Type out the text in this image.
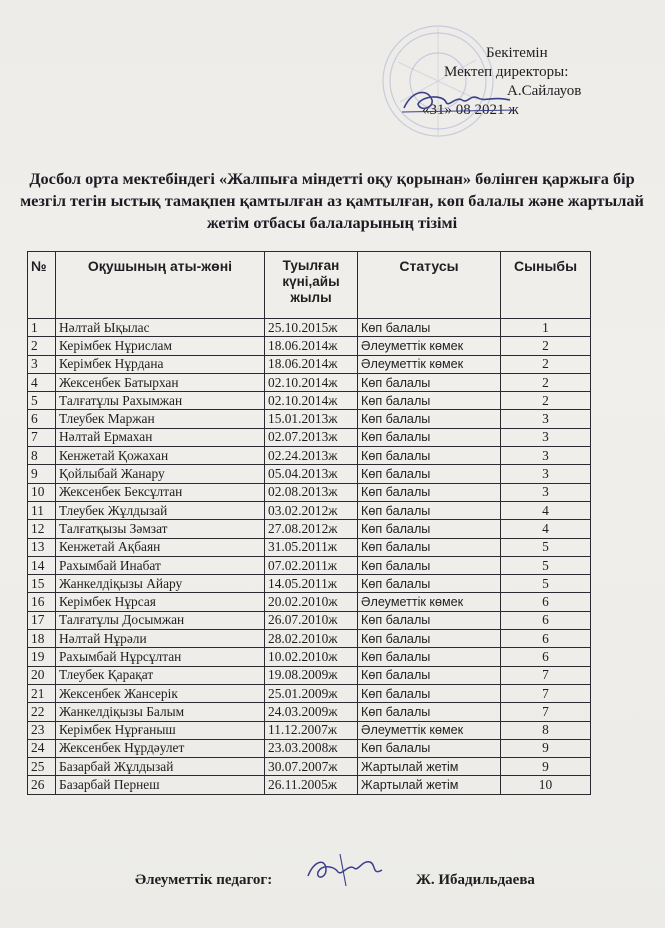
Бекітемін
Мектеп директоры:
А.Сайлауов
«31» 08 2021 ж
Досбол орта мектебіндегі «Жалпыға міндетті оқу қорынан» бөлінген қаржыға бір мезгіл тегін ыстық тамақпен қамтылған аз қамтылған, көп балалы және жартылай жетім отбасы балаларының тізімі
№	Оқушының аты-жөні	Туылған күні,айы жылы	Статусы	Сыныбы
1	Нәлтай Ықылас	25.10.2015ж	Көп балалы	1
2	Керімбек Нұрислам	18.06.2014ж	Әлеуметтік көмек	2
3	Керімбек Нұрдана	18.06.2014ж	Әлеуметтік көмек	2
4	Жексенбек Батырхан	02.10.2014ж	Көп балалы	2
5	Талғатұлы Рахымжан	02.10.2014ж	Көп балалы	2
6	Тлеубек Маржан	15.01.2013ж	Көп балалы	3
7	Нәлтай Ермахан	02.07.2013ж	Көп балалы	3
8	Кенжетай Қожахан	02.24.2013ж	Көп балалы	3
9	Қойлыбай Жанару	05.04.2013ж	Көп балалы	3
10	Жексенбек Бексұлтан	02.08.2013ж	Көп балалы	3
11	Тлеубек Жұлдызай	03.02.2012ж	Көп балалы	4
12	Талғатқызы Зәмзат	27.08.2012ж	Көп балалы	4
13	Кенжетай Ақбаян	31.05.2011ж	Көп балалы	5
14	Рахымбай Инабат	07.02.2011ж	Көп балалы	5
15	Жанкелдіқызы Айару	14.05.2011ж	Көп балалы	5
16	Керімбек Нұрсая	20.02.2010ж	Әлеуметтік көмек	6
17	Талғатұлы Досымжан	26.07.2010ж	Көп балалы	6
18	Нәлтай Нұрәли	28.02.2010ж	Көп балалы	6
19	Рахымбай Нұрсұлтан	10.02.2010ж	Көп балалы	6
20	Тлеубек Қарақат	19.08.2009ж	Көп балалы	7
21	Жексенбек Жансерік	25.01.2009ж	Көп балалы	7
22	Жанкелдіқызы Балым	24.03.2009ж	Көп балалы	7
23	Керімбек Нұрғаныш	11.12.2007ж	Әлеуметтік көмек	8
24	Жексенбек Нұрдәулет	23.03.2008ж	Көп балалы	9
25	Базарбай Жұлдызай	30.07.2007ж	Жартылай жетім	9
26	Базарбай Пернеш	26.11.2005ж	Жартылай жетім	10
Әлеуметтік педагог:	Ж. Ибадильдаева
